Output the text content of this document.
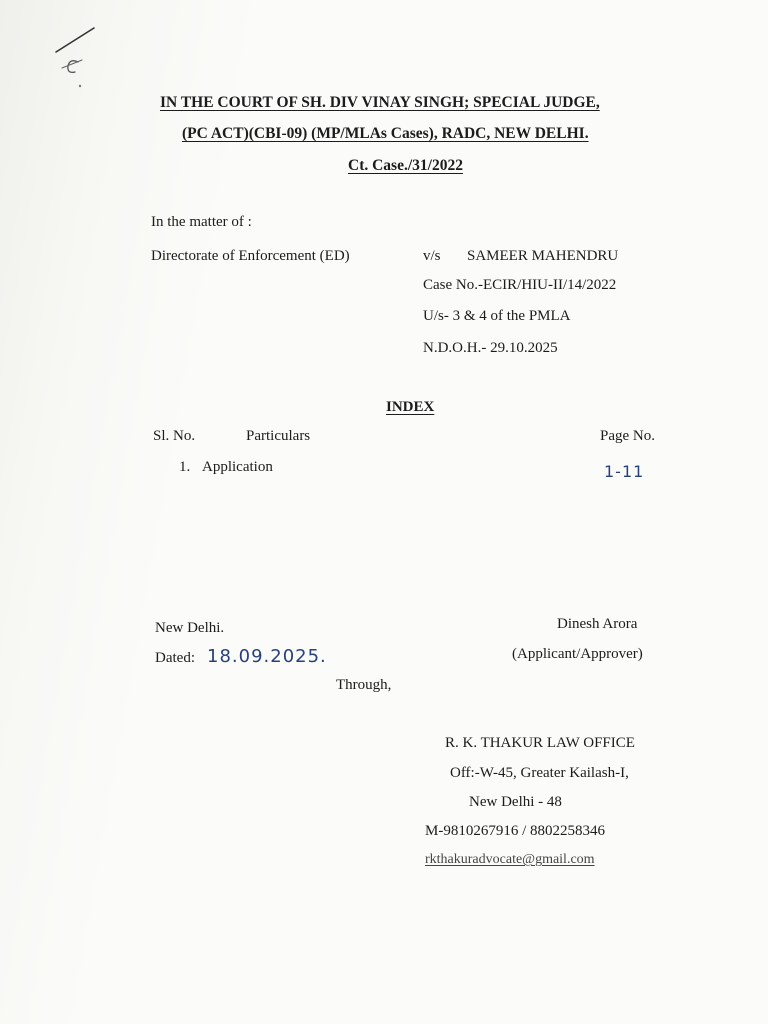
IN THE COURT OF SH. DIV VINAY SINGH; SPECIAL JUDGE,
(PC ACT)(CBI-09) (MP/MLAs Cases), RADC, NEW DELHI.
Ct. Case./31/2022
In the matter of :
Directorate of Enforcement (ED)	v/s SAMEER MAHENDRU
Case No.-ECIR/HIU-II/14/2022
U/s- 3 & 4 of the PMLA
N.D.O.H.- 29.10.2025
INDEX
Sl. No.	Particulars	Page No.
1. Application	1-11
New Delhi.
Dated: 18.09.2025.
Dinesh Arora
(Applicant/Approver)
Through,
R. K. THAKUR LAW OFFICE
Off:-W-45, Greater Kailash-I,
New Delhi - 48
M-9810267916 / 8802258346
rkthakuradvocate@gmail.com
